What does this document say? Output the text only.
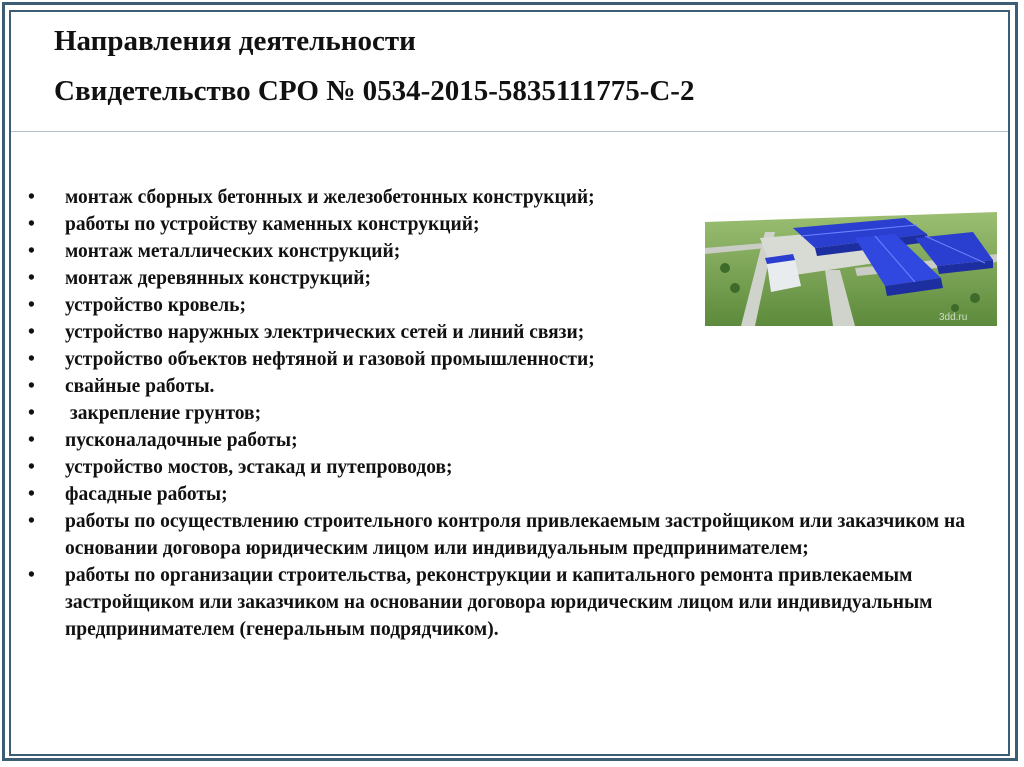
Направления деятельности
Свидетельство СРО № 0534-2015-5835111775-С-2
•	монтаж сборных бетонных и железобетонных конструкций;
•	работы по устройству каменных конструкций;
•	монтаж металлических конструкций;
•	монтаж деревянных конструкций;
•	устройство кровель;
•	устройство наружных электрических сетей и линий связи;
•	устройство объектов нефтяной и газовой промышленности;
•	свайные работы.
•	закрепление грунтов;
•	пусконаладочные работы;
•	устройство мостов, эстакад и путепроводов;
•	фасадные работы;
•	работы по осуществлению строительного контроля привлекаемым застройщиком или заказчиком на основании договора юридическим лицом или индивидуальным предпринимателем;
•	работы по организации строительства, реконструкции и капитального ремонта привлекаемым застройщиком или заказчиком на основании договора юридическим лицом или индивидуальным предпринимателем (генеральным подрядчиком).
3dd.ru
